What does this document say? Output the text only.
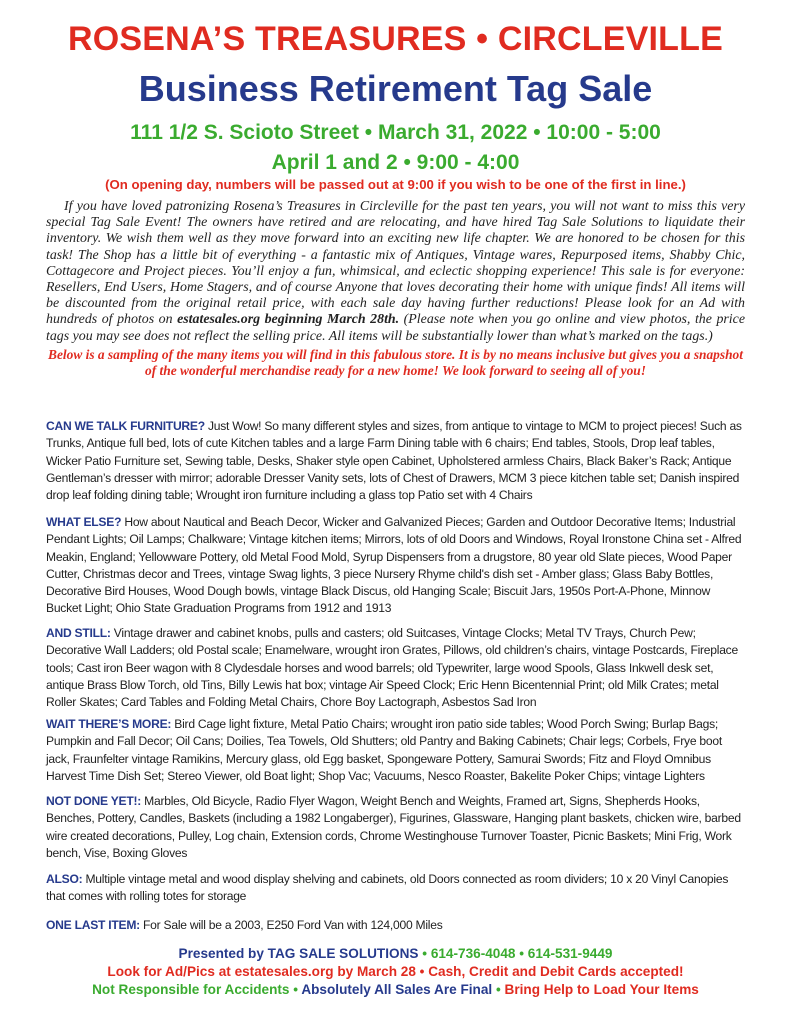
ROSENA’S TREASURES • CIRCLEVILLE
Business Retirement Tag Sale
111 1/2 S. Scioto Street • March 31, 2022 • 10:00 - 5:00
April 1 and 2 • 9:00 - 4:00
(On opening day, numbers will be passed out at 9:00 if you wish to be one of the first in line.)

If you have loved patronizing Rosena’s Treasures in Circleville for the past ten years, you will not want to miss this very special Tag Sale Event! The owners have retired and are relocating, and have hired Tag Sale Solutions to liquidate their inventory. We wish them well as they move forward into an exciting new life chapter. We are honored to be chosen for this task! The Shop has a little bit of everything - a fantastic mix of Antiques, Vintage wares, Repurposed items, Shabby Chic, Cottagecore and Project pieces. You’ll enjoy a fun, whimsical, and eclectic shopping experience! This sale is for everyone: Resellers, End Users, Home Stagers, and of course Anyone that loves decorating their home with unique finds! All items will be discounted from the original retail price, with each sale day having further reductions! Please look for an Ad with hundreds of photos on estatesales.org beginning March 28th. (Please note when you go online and view photos, the price tags you may see does not reflect the selling price. All items will be substantially lower than what’s marked on the tags.)

Below is a sampling of the many items you will find in this fabulous store. It is by no means inclusive but gives you a snapshot of the wonderful merchandise ready for a new home! We look forward to seeing all of you!

CAN WE TALK FURNITURE? Just Wow! So many different styles and sizes, from antique to vintage to MCM to project pieces! Such as Trunks, Antique full bed, lots of cute Kitchen tables and a large Farm Dining table with 6 chairs; End tables, Stools, Drop leaf tables, Wicker Patio Furniture set, Sewing table, Desks, Shaker style open Cabinet, Upholstered armless Chairs, Black Baker’s Rack; Antique Gentleman’s dresser with mirror; adorable Dresser Vanity sets, lots of Chest of Drawers, MCM 3 piece kitchen table set; Danish inspired drop leaf folding dining table; Wrought iron furniture including a glass top Patio set with 4 Chairs

WHAT ELSE? How about Nautical and Beach Decor, Wicker and Galvanized Pieces; Garden and Outdoor Decorative Items; Industrial Pendant Lights; Oil Lamps; Chalkware; Vintage kitchen items; Mirrors, lots of old Doors and Windows, Royal Ironstone China set - Alfred Meakin, England; Yellowware Pottery, old Metal Food Mold, Syrup Dispensers from a drugstore, 80 year old Slate pieces, Wood Paper Cutter, Christmas decor and Trees, vintage Swag lights, 3 piece Nursery Rhyme child's dish set - Amber glass; Glass Baby Bottles, Decorative Bird Houses, Wood Dough bowls, vintage Black Discus, old Hanging Scale; Biscuit Jars, 1950s Port-A-Phone, Minnow Bucket Light; Ohio State Graduation Programs from 1912 and 1913

AND STILL: Vintage drawer and cabinet knobs, pulls and casters; old Suitcases, Vintage Clocks; Metal TV Trays, Church Pew; Decorative Wall Ladders; old Postal scale; Enamelware, wrought iron Grates, Pillows, old children’s chairs, vintage Postcards, Fireplace tools; Cast iron Beer wagon with 8 Clydesdale horses and wood barrels; old Typewriter, large wood Spools, Glass Inkwell desk set, antique Brass Blow Torch, old Tins, Billy Lewis hat box; vintage Air Speed Clock; Eric Henn Bicentennial Print; old Milk Crates; metal Roller Skates; Card Tables and Folding Metal Chairs, Chore Boy Lactograph, Asbestos Sad Iron

WAIT THERE’S MORE: Bird Cage light fixture, Metal Patio Chairs; wrought iron patio side tables; Wood Porch Swing; Burlap Bags; Pumpkin and Fall Decor; Oil Cans; Doilies, Tea Towels, Old Shutters; old Pantry and Baking Cabinets; Chair legs; Corbels, Frye boot jack, Fraunfelter vintage Ramikins, Mercury glass, old Egg basket, Spongeware Pottery, Samurai Swords; Fitz and Floyd Omnibus Harvest Time Dish Set; Stereo Viewer, old Boat light; Shop Vac; Vacuums, Nesco Roaster, Bakelite Poker Chips; vintage Lighters

NOT DONE YET!: Marbles, Old Bicycle, Radio Flyer Wagon, Weight Bench and Weights, Framed art, Signs, Shepherds Hooks, Benches, Pottery, Candles, Baskets (including a 1982 Longaberger), Figurines, Glassware, Hanging plant baskets, chicken wire, barbed wire created decorations, Pulley, Log chain, Extension cords, Chrome Westinghouse Turnover Toaster, Picnic Baskets; Mini Frig, Work bench, Vise, Boxing Gloves

ALSO: Multiple vintage metal and wood display shelving and cabinets, old Doors connected as room dividers; 10 x 20 Vinyl Canopies that comes with rolling totes for storage

ONE LAST ITEM: For Sale will be a 2003, E250 Ford Van with 124,000 Miles

Presented by TAG SALE SOLUTIONS • 614-736-4048 • 614-531-9449
Look for Ad/Pics at estatesales.org by March 28 • Cash, Credit and Debit Cards accepted!
Not Responsible for Accidents • Absolutely All Sales Are Final • Bring Help to Load Your Items
